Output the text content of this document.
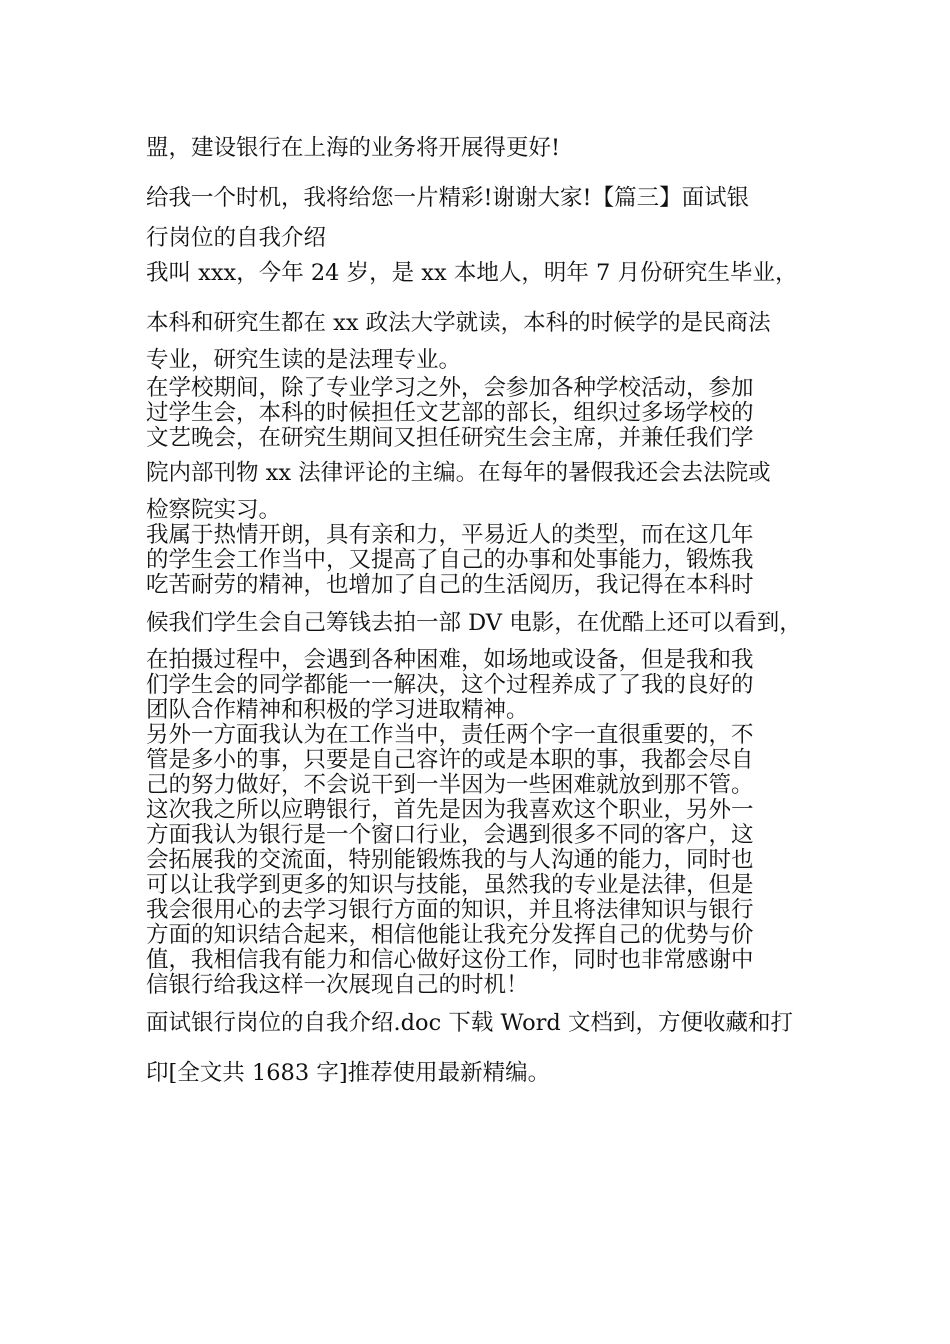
盟，建设银行在上海的业务将开展得更好!
给我一个时机，我将给您一片精彩!谢谢大家!【篇三】面试银
行岗位的自我介绍
我叫 xxx，今年 24 岁，是 xx 本地人，明年 7 月份研究生毕业，
本科和研究生都在 xx 政法大学就读，本科的时候学的是民商法
专业，研究生读的是法理专业。
在学校期间，除了专业学习之外，会参加各种学校活动，参加
过学生会，本科的时候担任文艺部的部长，组织过多场学校的
文艺晚会，在研究生期间又担任研究生会主席，并兼任我们学
院内部刊物 xx 法律评论的主编。在每年的暑假我还会去法院或
检察院实习。
我属于热情开朗，具有亲和力，平易近人的类型，而在这几年
的学生会工作当中，又提高了自己的办事和处事能力，锻炼我
吃苦耐劳的精神，也增加了自己的生活阅历，我记得在本科时
候我们学生会自己筹钱去拍一部 DV 电影，在优酷上还可以看到，
在拍摄过程中，会遇到各种困难，如场地或设备，但是我和我
们学生会的同学都能一一解决，这个过程养成了了我的良好的
团队合作精神和积极的学习进取精神。
另外一方面我认为在工作当中，责任两个字一直很重要的，不
管是多小的事，只要是自己容许的或是本职的事，我都会尽自
己的努力做好，不会说干到一半因为一些困难就放到那不管。
这次我之所以应聘银行，首先是因为我喜欢这个职业，另外一
方面我认为银行是一个窗口行业，会遇到很多不同的客户，这
会拓展我的交流面，特别能锻炼我的与人沟通的能力，同时也
可以让我学到更多的知识与技能，虽然我的专业是法律，但是
我会很用心的去学习银行方面的知识，并且将法律知识与银行
方面的知识结合起来，相信他能让我充分发挥自己的优势与价
值，我相信我有能力和信心做好这份工作，同时也非常感谢中
信银行给我这样一次展现自己的时机！
面试银行岗位的自我介绍.doc 下载 Word 文档到，方便收藏和打
印[全文共 1683 字]推荐使用最新精编。
